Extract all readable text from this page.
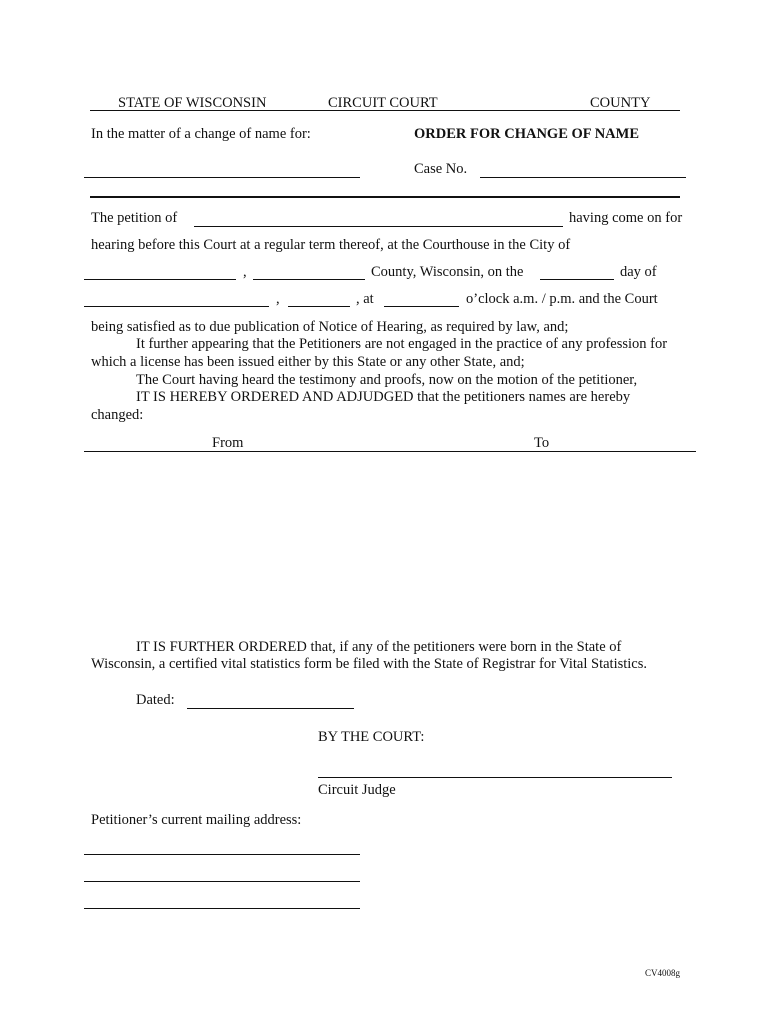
STATE OF WISCONSIN	CIRCUIT COURT	COUNTY
In the matter of a change of name for:	ORDER FOR CHANGE OF NAME
Case No.
The petition of	having come on for
hearing before this Court at a regular term thereof, at the Courthouse in the City of
,	County, Wisconsin, on the	day of
,	, at	o’clock a.m. / p.m. and the Court
being satisfied as to due publication of Notice of Hearing, as required by law, and;
It further appearing that the Petitioners are not engaged in the practice of any profession for
which a license has been issued either by this State or any other State, and;
The Court having heard the testimony and proofs, now on the motion of the petitioner,
IT IS HEREBY ORDERED AND ADJUDGED that the petitioners names are hereby
changed:
From	To
IT IS FURTHER ORDERED that, if any of the petitioners were born in the State of
Wisconsin, a certified vital statistics form be filed with the State of Registrar for Vital Statistics.
Dated:
BY THE COURT:
Circuit Judge
Petitioner’s current mailing address:
CV4008g
